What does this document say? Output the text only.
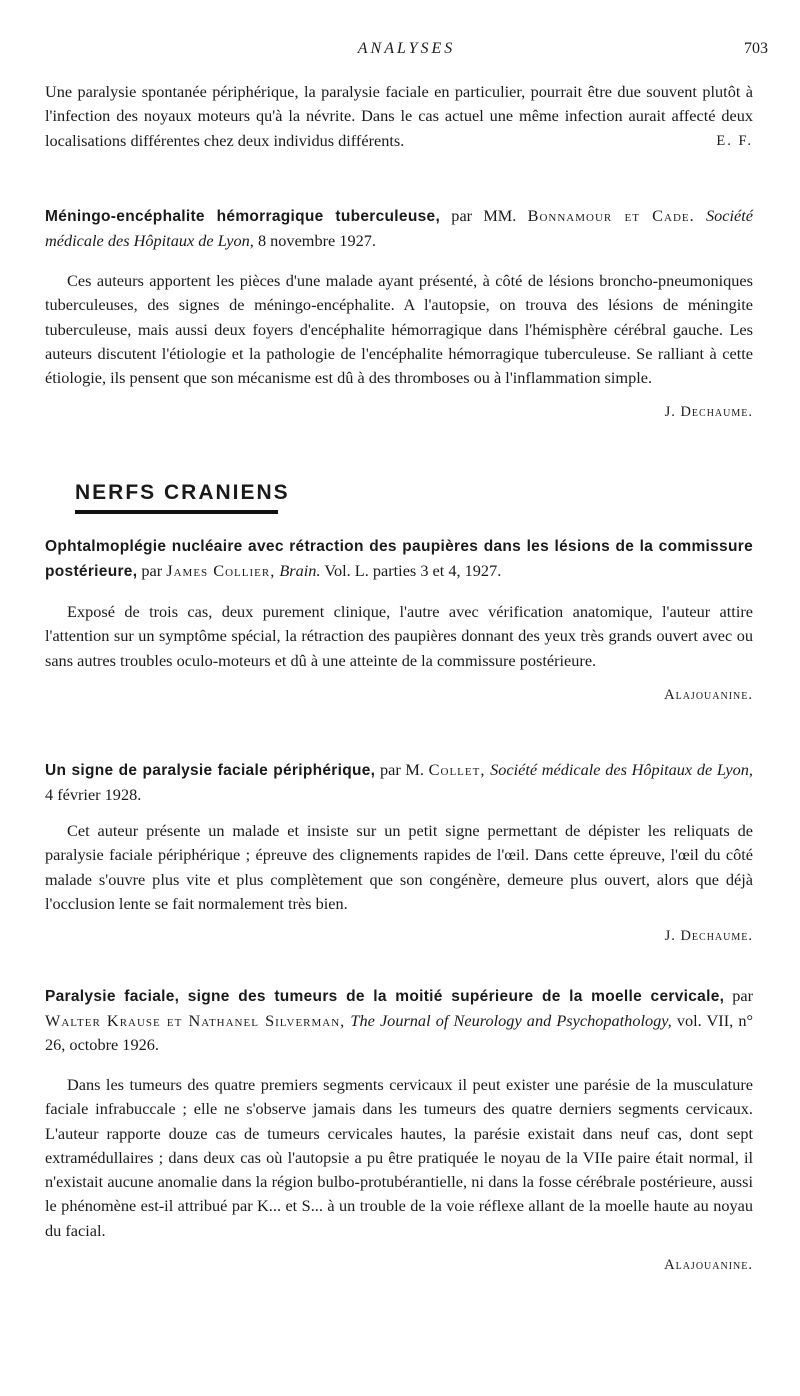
ANALYSES	703

Une paralysie spontanée périphérique, la paralysie faciale en particulier, pourrait être due souvent plutôt à l'infection des noyaux moteurs qu'à la névrite. Dans le cas actuel une même infection aurait affecté deux localisations différentes chez deux individus différents.	E. F.

Méningo-encéphalite hémorragique tuberculeuse, par MM. Bonnamour et Cade. Société médicale des Hôpitaux de Lyon, 8 novembre 1927.

Ces auteurs apportent les pièces d'une malade ayant présenté, à côté de lésions broncho-pneumoniques tuberculeuses, des signes de méningo-encéphalite. A l'autopsie, on trouva des lésions de méningite tuberculeuse, mais aussi deux foyers d'encéphalite hémorragique dans l'hémisphère cérébral gauche. Les auteurs discutent l'étiologie et la pathologie de l'encéphalite hémorragique tuberculeuse. Se ralliant à cette étiologie, ils pensent que son mécanisme est dû à des thromboses ou à l'inflammation simple.

J. Dechaume.

NERFS CRANIENS
Ophtalmoplégie nucléaire avec rétraction des paupières dans les lésions de la commissure postérieure, par James Collier, Brain. Vol. L. parties 3 et 4, 1927.

Exposé de trois cas, deux purement clinique, l'autre avec vérification anatomique, l'auteur attire l'attention sur un symptôme spécial, la rétraction des paupières donnant des yeux très grands ouvert avec ou sans autres troubles oculo-moteurs et dû à une atteinte de la commissure postérieure.

Alajouanine.

Un signe de paralysie faciale périphérique, par M. Collet, Société médicale des Hôpitaux de Lyon, 4 février 1928.

Cet auteur présente un malade et insiste sur un petit signe permettant de dépister les reliquats de paralysie faciale périphérique ; épreuve des clignements rapides de l'œil. Dans cette épreuve, l'œil du côté malade s'ouvre plus vite et plus complètement que son congénère, demeure plus ouvert, alors que déjà l'occlusion lente se fait normalement très bien.

J. Dechaume.

Paralysie faciale, signe des tumeurs de la moitié supérieure de la moelle cervicale, par Walter Krause et Nathanel Silverman, The Journal of Neurology and Psychopathology, vol. VII, n° 26, octobre 1926.

Dans les tumeurs des quatre premiers segments cervicaux il peut exister une parésie de la musculature faciale infrabuccale ; elle ne s'observe jamais dans les tumeurs des quatre derniers segments cervicaux. L'auteur rapporte douze cas de tumeurs cervicales hautes, la parésie existait dans neuf cas, dont sept extramédullaires ; dans deux cas où l'autopsie a pu être pratiquée le noyau de la VIIe paire était normal, il n'existait aucune anomalie dans la région bulbo-protubérantielle, ni dans la fosse cérébrale postérieure, aussi le phénomène est-il attribué par K... et S... à un trouble de la voie réflexe allant de la moelle haute au noyau du facial.

Alajouanine.
